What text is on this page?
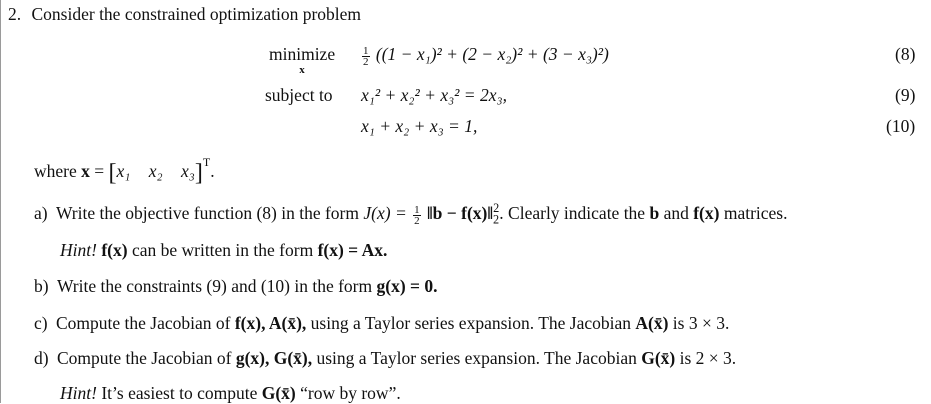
2. Consider the constrained optimization problem
minimize
x
$\frac{1}{2} ((1 - x_1)^2 + (2 - x_2)^2 + (3 - x_3)^2)$	(8)
subject to x₁² + x₂² + x₃² = 2x₃,	(9)
x₁ + x₂ + x₃ = 1,	(10)
where x = [x₁ x₂ x₃]$^T$.
a) Write the objective function (8) in the form $J(x) = \frac{1}{2}$ ‖b − $f(x)‖_2^2$. Clearly indicate the b and f(x) matrices.
Hint! f(x) can be written in the form f(x) = Ax.
b) Write the constraints (9) and (10) in the form g(x) = 0.
c) Compute the Jacobian of f(x), A(x̄), using a Taylor series expansion. The Jacobian A(x̄) is 3 × 3.
d) Compute the Jacobian of g(x), G(x̄), using a Taylor series expansion. The Jacobian G(x̄) is 2 × 3.
Hint! It’s easiest to compute G(x̄) “row by row”.
